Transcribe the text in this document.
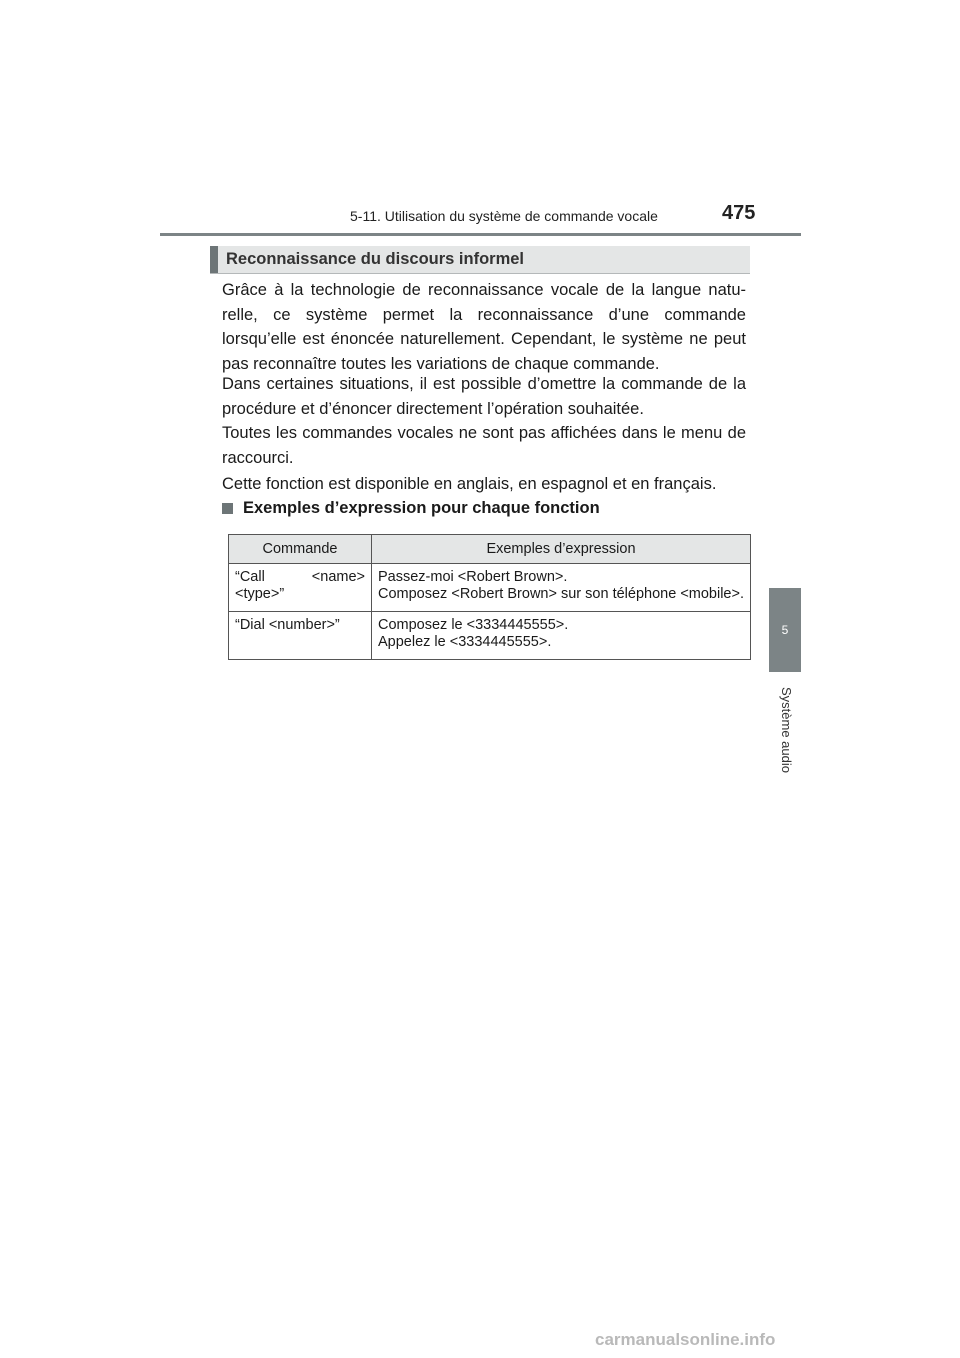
5-11. Utilisation du système de commande vocale	475
5
Système audio
Reconnaissance du discours informel
Grâce à la technologie de reconnaissance vocale de la langue natu-relle, ce système permet la reconnaissance d’une commande lorsqu’elle est énoncée naturellement. Cependant, le système ne peut pas reconnaître toutes les variations de chaque commande.
Dans certaines situations, il est possible d’omettre la commande de la procédure et d’énoncer directement l’opération souhaitée.
Toutes les commandes vocales ne sont pas affichées dans le menu de raccourci.
Cette fonction est disponible en anglais, en espagnol et en français.
Exemples d’expression pour chaque fonction
Commande	Exemples d’expression
“Call <name> <type>”	Passez-moi <Robert Brown>.
Composez <Robert Brown> sur son téléphone <mobile>.

“Dial <number>”	Composez le <3334445555>.
Appelez le <3334445555>.
carmanualsonline.info
